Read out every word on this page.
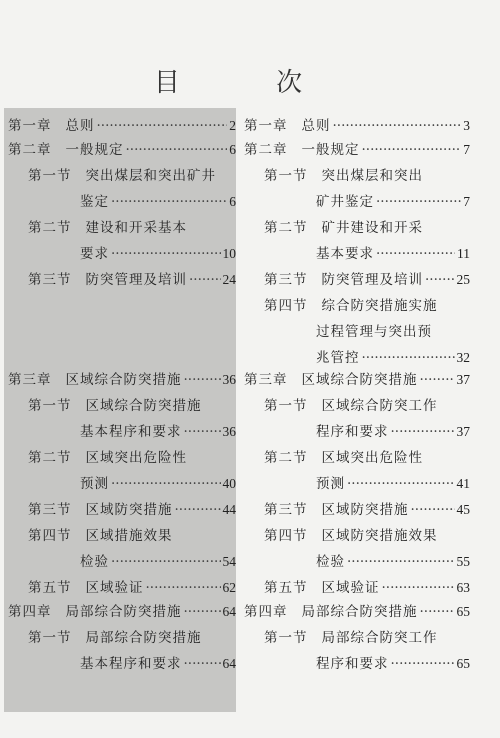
目 次
第一章 总则 ·····	2
第二章 一般规定 ·····	6
第一节 突出煤层和突出矿井
鉴定 ·····	6
第二节 建设和开采基本
要求 ·····	10
第三节 防突管理及培训 ·····	24
第三章 区域综合防突措施 ·····	36
第一节 区域综合防突措施
基本程序和要求 ·····	36
第二节 区域突出危险性
预测 ·····	40
第三节 区域防突措施 ·····	44
第四节 区域措施效果
检验 ·····	54
第五节 区域验证 ·····	62
第四章 局部综合防突措施 ·····	64
第一节 局部综合防突措施
基本程序和要求 ·····	64
第一章 总则 ·····	3
第二章 一般规定 ·····	7
第一节 突出煤层和突出
矿井鉴定 ·····	7
第二节 矿井建设和开采
基本要求 ·····	11
第三节 防突管理及培训 ····· 25
第四节 综合防突措施实施
过程管理与突出预
兆管控 ·····	32
第三章 区域综合防突措施 ·····	37
第一节 区域综合防突工作
程序和要求 ·····	37
第二节 区域突出危险性
预测 ·····	41
第三节 区域防突措施 ·····	45
第四节 区域防突措施效果
检验 ·····	55
第五节 区域验证 ·····	63
第四章 局部综合防突措施 ·····	65
第一节 局部综合防突工作
程序和要求 ·····	65
